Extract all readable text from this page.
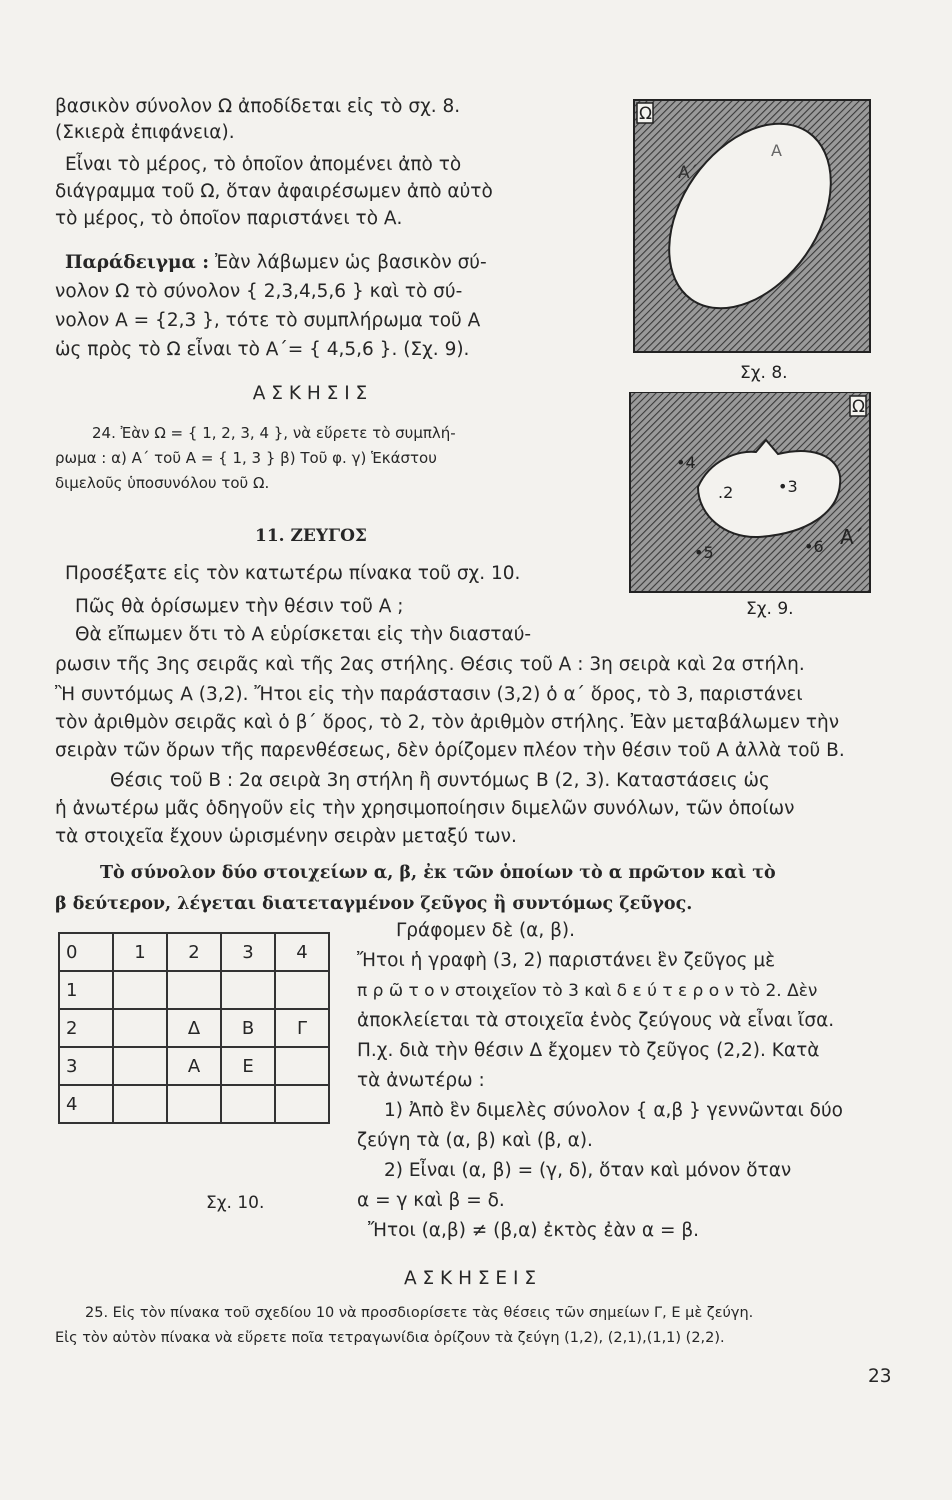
Ω
Α
Α΄
Σχ. 8.
Ω
•4
.2	•3
•5	•6 Α΄
Σχ. 9.
βασικὸν σύνολον Ω ἀποδίδεται εἰς τὸ σχ. 8.
(Σκιερὰ ἐπιφάνεια).
Εἶναι τὸ μέρος, τὸ ὁποῖον ἀπομένει ἀπὸ τὸ
διάγραμμα τοῦ Ω, ὅταν ἀφαιρέσωμεν ἀπὸ αὐτὸ
τὸ μέρος, τὸ ὁποῖον παριστάνει τὸ Α.
Παράδειγμα : Ἐὰν λάβωμεν ὡς βασικὸν σύ-
νολον Ω τὸ σύνολον { 2,3,4,5,6 } καὶ τὸ σύ-
νολον Α = {2,3 }, τότε τὸ συμπλήρωμα τοῦ Α
ὡς πρὸς τὸ Ω εἶναι τὸ Α΄= { 4,5,6 }. (Σχ. 9).
Α Σ Κ Η Σ Ι Σ
24. Ἐὰν Ω = { 1, 2, 3, 4 }, νὰ εὕρετε τὸ συμπλή-
ρωμα : α) Α΄ τοῦ Α = { 1, 3 } β) Τοῦ φ. γ) Ἑκάστου
διμελοῦς ὑποσυνόλου τοῦ Ω.
11. ΖΕΥΓΟΣ
Προσέξατε εἰς τὸν κατωτέρω πίνακα τοῦ σχ. 10.
Πῶς θὰ ὁρίσωμεν τὴν θέσιν τοῦ Α ;
Θὰ εἴπωμεν ὅτι τὸ Α εὑρίσκεται εἰς τὴν διασταύ-
ρωσιν τῆς 3ης σειρᾶς καὶ τῆς 2ας στήλης. Θέσις τοῦ Α : 3η σειρὰ καὶ 2α στήλη.
Ἢ συντόμως Α (3,2). Ἤτοι εἰς τὴν παράστασιν (3,2) ὁ α΄ ὅρος, τὸ 3, παριστάνει
τὸν ἀριθμὸν σειρᾶς καὶ ὁ β΄ ὅρος, τὸ 2, τὸν ἀριθμὸν στήλης. Ἐὰν μεταβάλωμεν τὴν
σειρὰν τῶν ὅρων τῆς παρενθέσεως, δὲν ὁρίζομεν πλέον τὴν θέσιν τοῦ Α ἀλλὰ τοῦ Β.
Θέσις τοῦ Β : 2α σειρὰ 3η στήλη ἢ συντόμως Β (2, 3). Καταστάσεις ὡς
ἡ ἀνωτέρω μᾶς ὁδηγοῦν εἰς τὴν χρησιμοποίησιν διμελῶν συνόλων, τῶν ὁποίων
τὰ στοιχεῖα ἔχουν ὡρισμένην σειρὰν μεταξύ των.
Τὸ σύνολον δύο στοιχείων α, β, ἐκ τῶν ὁποίων τὸ α πρῶτον καὶ τὸ
β δεύτερον, λέγεται διατεταγμένον ζεῦγος ἢ συντόμως ζεῦγος.
0	1	2	3	4
1				
2		Δ	Β	Γ
3		Α	Ε	
4				
Σχ. 10.
Γράφομεν δὲ (α, β).
Ἤτοι ἡ γραφὴ (3, 2) παριστάνει ἓν ζεῦγος μὲ
π ρ ῶ τ ο ν στοιχεῖον τὸ 3 καὶ δ ε ύ τ ε ρ ο ν τὸ 2. Δὲν
ἀποκλείεται τὰ στοιχεῖα ἑνὸς ζεύγους νὰ εἶναι ἴσα.
Π.χ. διὰ τὴν θέσιν Δ ἔχομεν τὸ ζεῦγος (2,2). Κατὰ
τὰ ἀνωτέρω :
1) Ἀπὸ ἓν διμελὲς σύνολον { α,β } γεννῶνται δύο
ζεύγη τὰ (α, β) καὶ (β, α).
2) Εἶναι (α, β) = (γ, δ), ὅταν καὶ μόνον ὅταν
α = γ καὶ β = δ.
Ἤτοι (α,β) ≠ (β,α) ἐκτὸς ἐὰν α = β.
Α Σ Κ Η Σ Ε Ι Σ
25. Εἰς τὸν πίνακα τοῦ σχεδίου 10 νὰ προσδιορίσετε τὰς θέσεις τῶν σημείων Γ, Ε μὲ ζεύγη.
Εἰς τὸν αὐτὸν πίνακα νὰ εὕρετε ποῖα τετραγωνίδια ὁρίζουν τὰ ζεύγη (1,2), (2,1),(1,1) (2,2).
23
